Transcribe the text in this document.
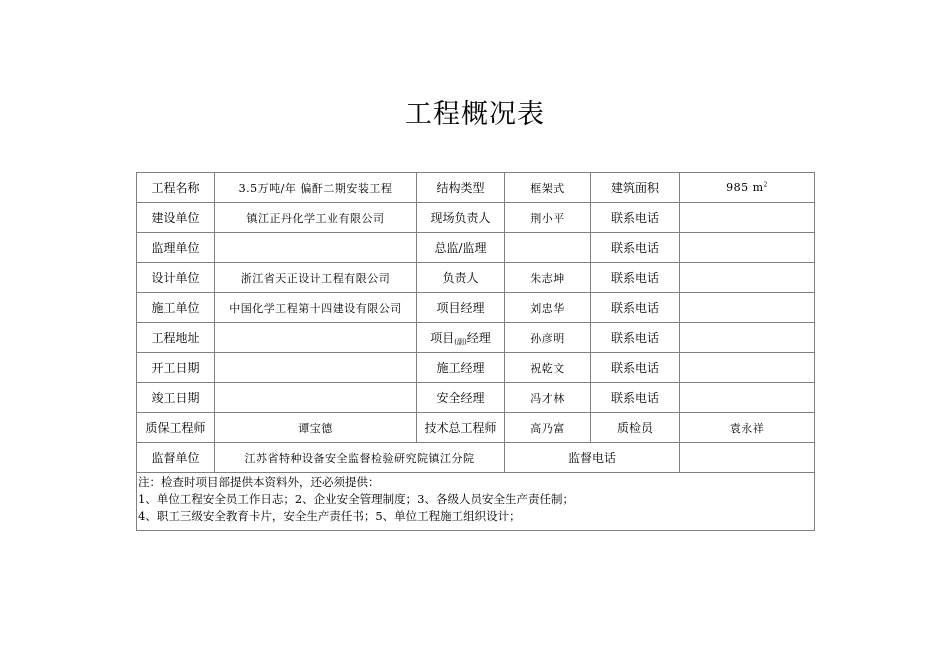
工程概况表
工程名称	3.5万吨/年 偏酐二期安装工程	结构类型	框架式	建筑面积	985 $m^2$
建设单位	镇江正丹化学工业有限公司	现场负责人	荆小平	联系电话	
监理单位		总监/监理		联系电话	
设计单位	浙江省天正设计工程有限公司	负责人	朱志坤	联系电话	
施工单位	中国化学工程第十四建设有限公司	项目经理	刘忠华	联系电话	
工程地址		项目$_{(副)}$经理	孙彦明	联系电话	
开工日期		施工经理	祝乾文	联系电话	
竣工日期		安全经理	冯才林	联系电话	
质保工程师	谭宝德	技术总工程师	高乃富	质检员	袁永祥
监督单位	江苏省特种设备安全监督检验研究院镇江分院		监督电话		

注：检查时项目部提供本资料外，还必须提供：
1、单位工程安全员工作日志；2、企业安全管理制度；3、各级人员安全生产责任制；
4、职工三级安全教育卡片，安全生产责任书；5、单位工程施工组织设计；					
